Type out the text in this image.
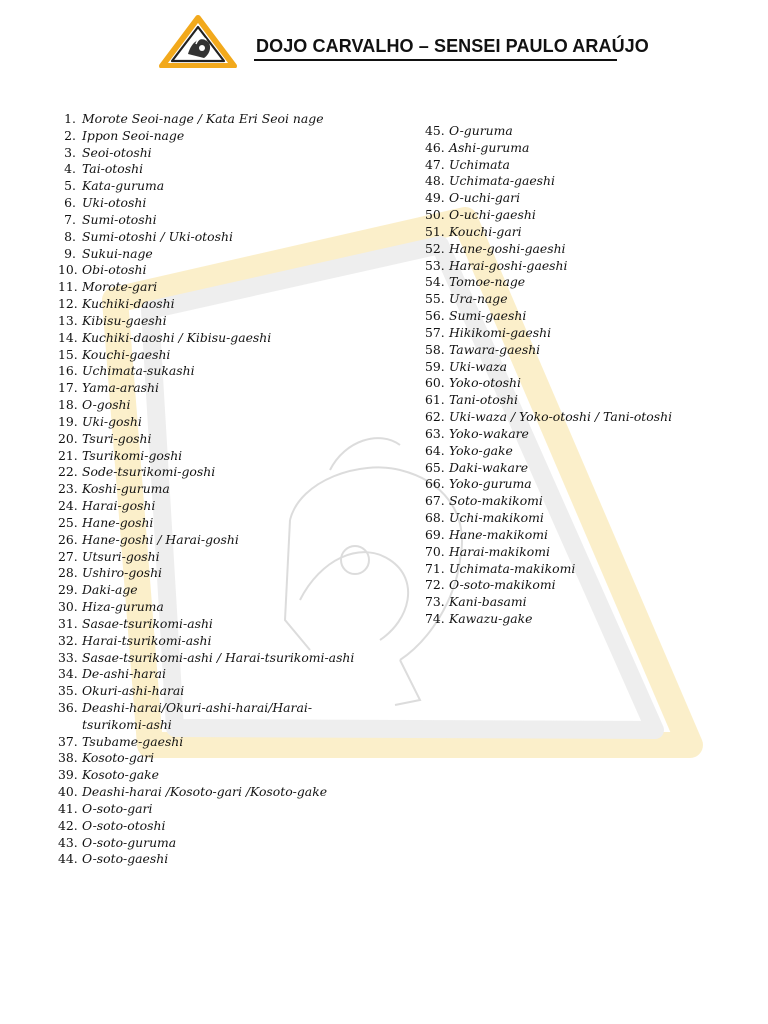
DOJO CARVALHO – SENSEI PAULO ARAÚJO
1. Morote Seoi-nage / Kata Eri Seoi nage
2. Ippon Seoi-nage
3. Seoi-otoshi
4. Tai-otoshi
5. Kata-guruma
6. Uki-otoshi
7. Sumi-otoshi
8. Sumi-otoshi / Uki-otoshi
9. Sukui-nage
10. Obi-otoshi
11. Morote-gari
12. Kuchiki-daoshi
13. Kibisu-gaeshi
14. Kuchiki-daoshi / Kibisu-gaeshi
15. Kouchi-gaeshi
16. Uchimata-sukashi
17. Yama-arashi
18. O-goshi
19. Uki-goshi
20. Tsuri-goshi
21. Tsurikomi-goshi
22. Sode-tsurikomi-goshi
23. Koshi-guruma
24. Harai-goshi
25. Hane-goshi
26. Hane-goshi / Harai-goshi
27. Utsuri-goshi
28. Ushiro-goshi
29. Daki-age
30. Hiza-guruma
31. Sasae-tsurikomi-ashi
32. Harai-tsurikomi-ashi
33. Sasae-tsurikomi-ashi / Harai-tsurikomi-ashi
34. De-ashi-harai
35. Okuri-ashi-harai
36. Deashi-harai/Okuri-ashi-harai/Harai-tsurikomi-ashi
37. Tsubame-gaeshi
38. Kosoto-gari
39. Kosoto-gake
40. Deashi-harai /Kosoto-gari /Kosoto-gake
41. O-soto-gari
42. O-soto-otoshi
43. O-soto-guruma
44. O-soto-gaeshi
45. O-guruma
46. Ashi-guruma
47. Uchimata
48. Uchimata-gaeshi
49. O-uchi-gari
50. O-uchi-gaeshi
51. Kouchi-gari
52. Hane-goshi-gaeshi
53. Harai-goshi-gaeshi
54. Tomoe-nage
55. Ura-nage
56. Sumi-gaeshi
57. Hikikomi-gaeshi
58. Tawara-gaeshi
59. Uki-waza
60. Yoko-otoshi
61. Tani-otoshi
62. Uki-waza / Yoko-otoshi / Tani-otoshi
63. Yoko-wakare
64. Yoko-gake
65. Daki-wakare
66. Yoko-guruma
67. Soto-makikomi
68. Uchi-makikomi
69. Hane-makikomi
70. Harai-makikomi
71. Uchimata-makikomi
72. O-soto-makikomi
73. Kani-basami
74. Kawazu-gake
